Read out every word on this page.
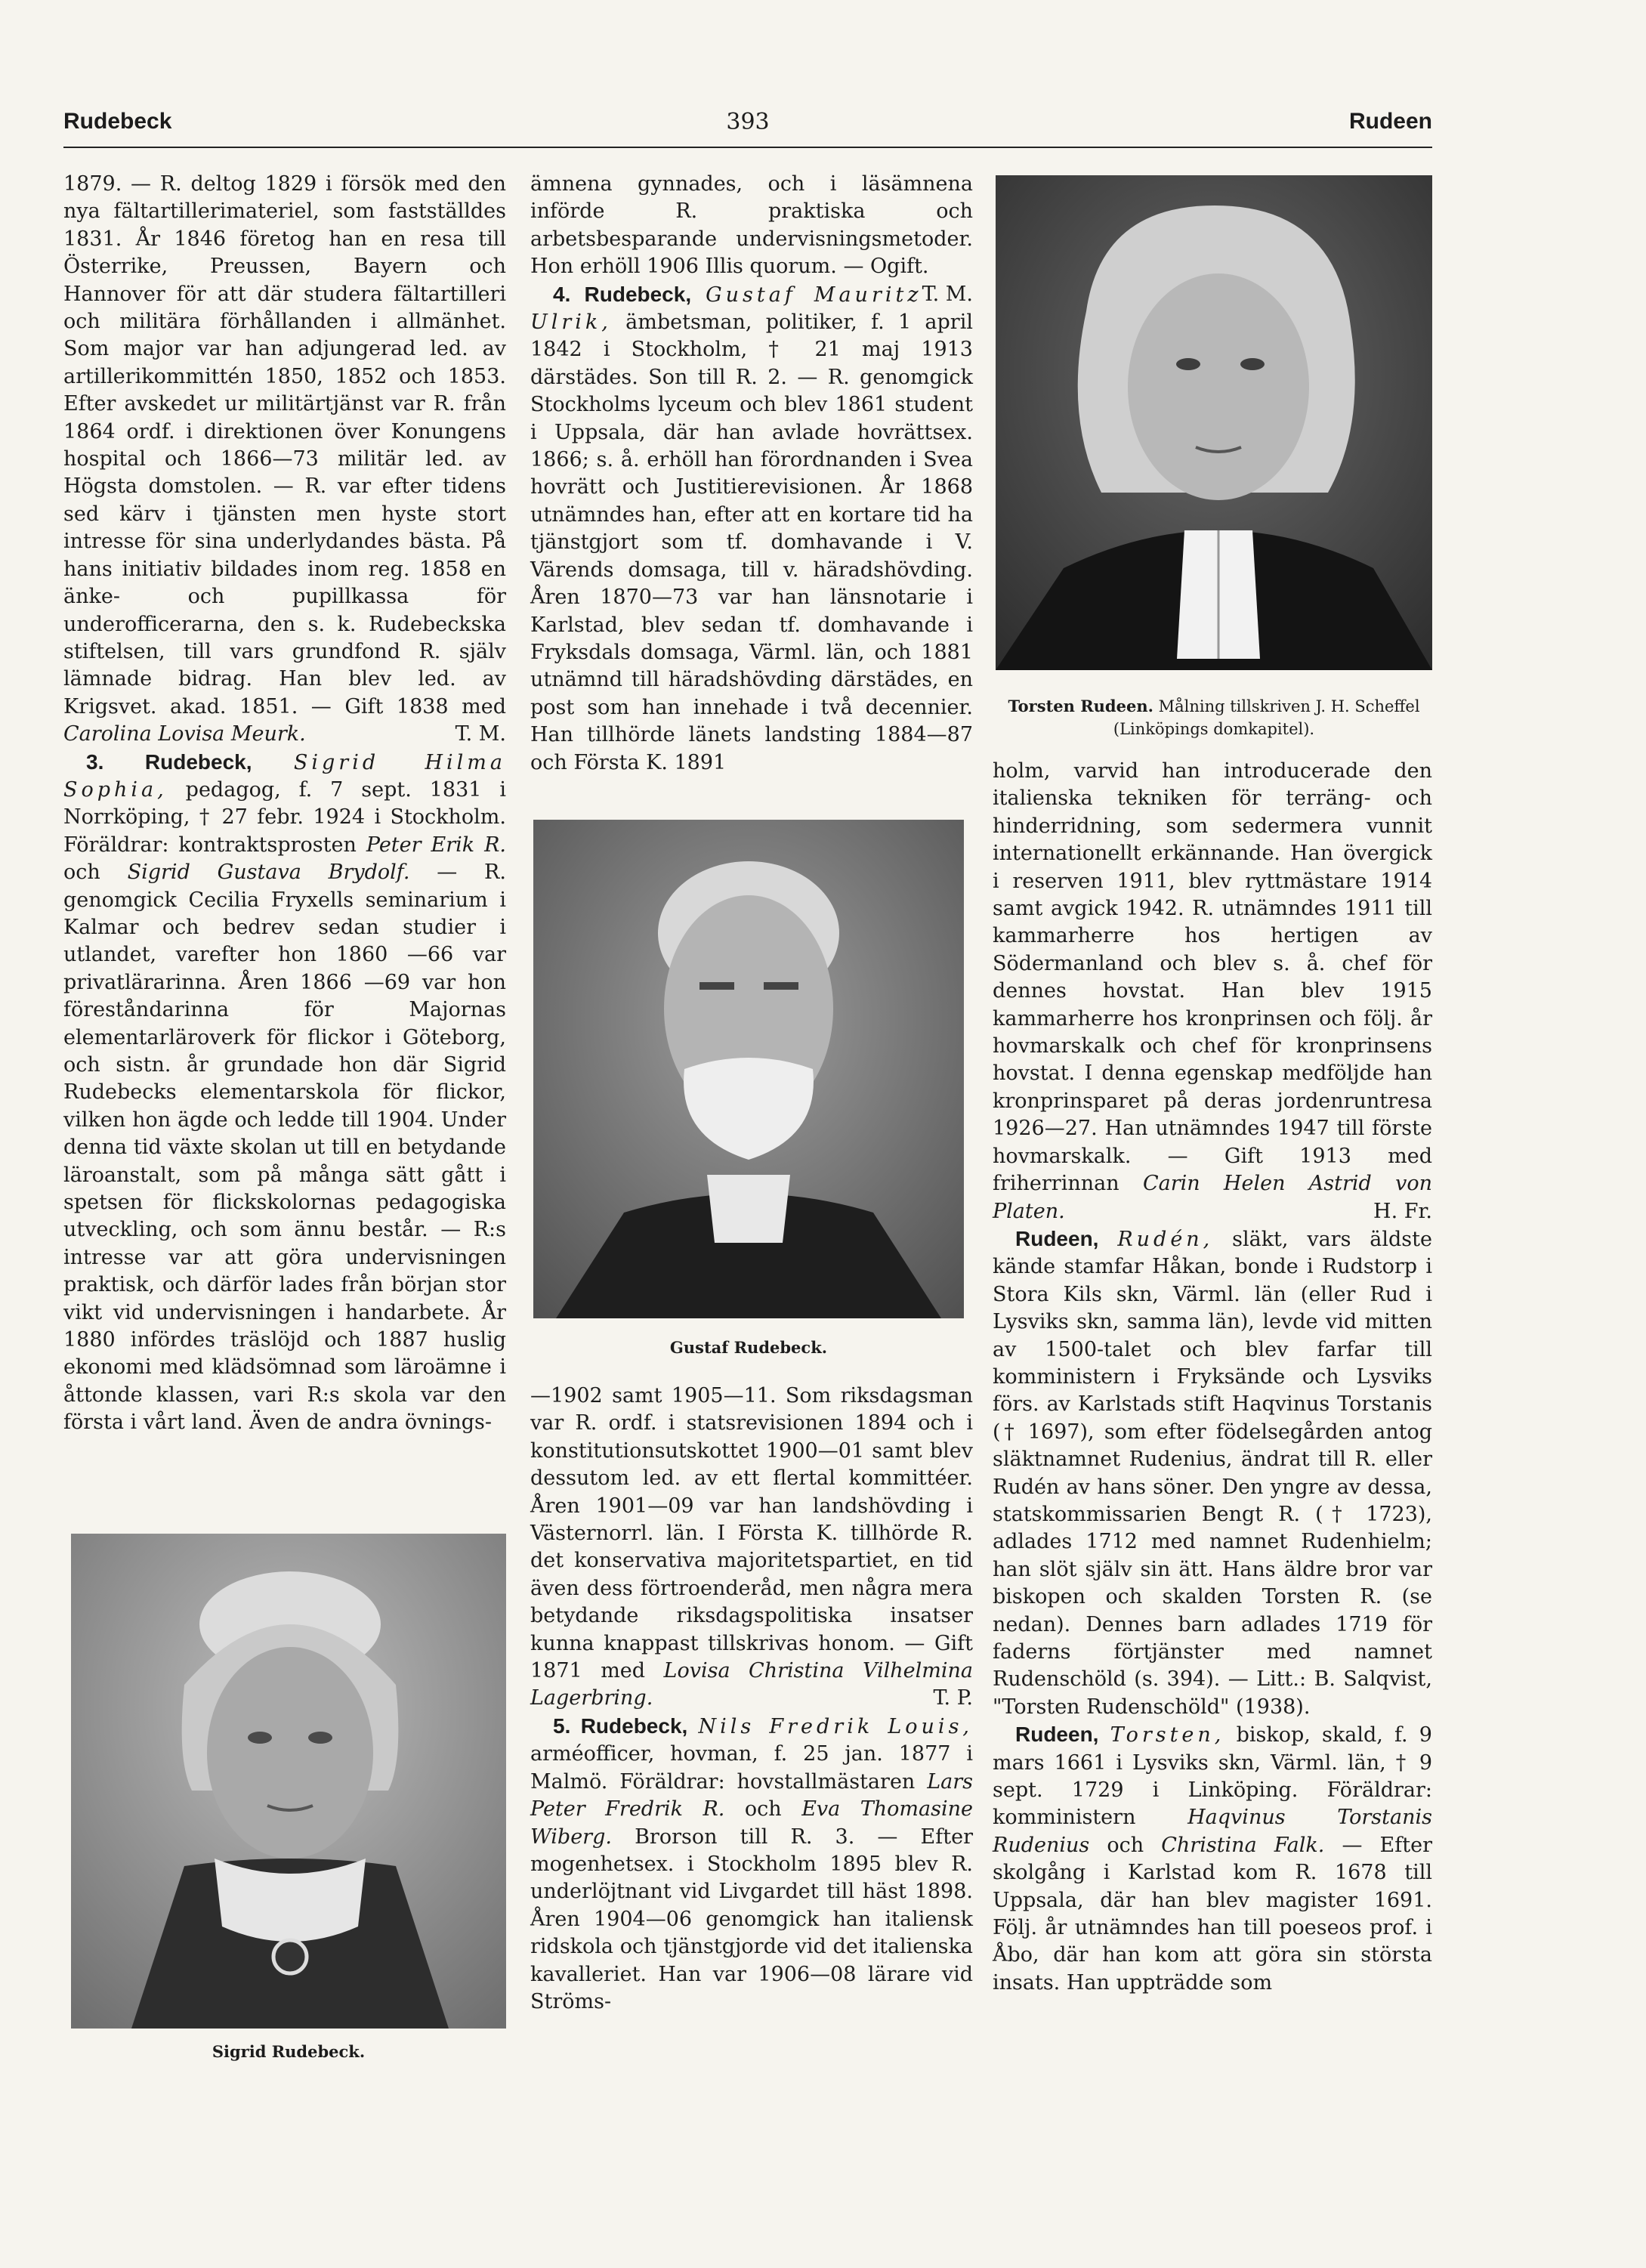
Rudebeck	393	Rudeen

1879. — R. deltog 1829 i försök med den nya fältartillerimateriel, som fastställdes 1831. År 1846 företog han en resa till Österrike, Preussen, Bayern och Hannover för att där studera fältartilleri och militära förhållanden i allmänhet. Som major var han adjungerad led. av artillerikommittén 1850, 1852 och 1853. Efter avskedet ur militärtjänst var R. från 1864 ordf. i direktionen över Konungens hospital och 1866—73 militär led. av Högsta domstolen. — R. var efter tidens sed kärv i tjänsten men hyste stort intresse för sina underlydandes bästa. På hans initiativ bildades inom reg. 1858 en änke- och pupillkassa för underofficerarna, den s. k. Rudebeckska stiftelsen, till vars grundfond R. själv lämnade bidrag. Han blev led. av Krigsvet. akad. 1851. — Gift 1838 med Carolina Lovisa Meurk.	T. M.

3. Rudebeck, Sigrid Hilma Sophia, pedagog, f. 7 sept. 1831 i Norrköping, † 27 febr. 1924 i Stockholm. Föräldrar: kontraktsprosten Peter Erik R. och Sigrid Gustava Brydolf. — R. genomgick Cecilia Fryxells seminarium i Kalmar och bedrev sedan studier i utlandet, varefter hon 1860 —66 var privatlärarinna. Åren 1866 —69 var hon föreståndarinna för Majornas elementarläroverk för flickor i Göteborg, och sistn. år grundade hon där Sigrid Rudebecks elementarskola för flickor, vilken hon ägde och ledde till 1904. Under denna tid växte skolan ut till en betydande läroanstalt, som på många sätt gått i spetsen för flickskolornas pedagogiska utveckling, och som ännu består. — R:s intresse var att göra undervisningen praktisk, och därför lades från början stor vikt vid undervisningen i handarbete. År 1880 infördes träslöjd och 1887 huslig ekonomi med klädsömnad som läroämne i åttonde klassen, vari R:s skola var den första i vårt land. Även de andra övnings-

Sigrid Rudebeck.

ämnena gynnades, och i läsämnena införde R. praktiska och arbetsbesparande undervisningsmetoder. Hon erhöll 1906 Illis quorum. — Ogift.
T. M.

4. Rudebeck, Gustaf Mauritz Ulrik, ämbetsman, politiker, f. 1 april 1842 i Stockholm, † 21 maj 1913 därstädes. Son till R. 2. — R. genomgick Stockholms lyceum och blev 1861 student i Uppsala, där han avlade hovrättsex. 1866; s. å. erhöll han förordnanden i Svea hovrätt och Justitierevisionen. År 1868 utnämndes han, efter att en kortare tid ha tjänstgjort som tf. domhavande i V. Värends domsaga, till v. häradshövding. Åren 1870—73 var han länsnotarie i Karlstad, blev sedan tf. domhavande i Fryksdals domsaga, Värml. län, och 1881 utnämnd till häradshövding därstädes, en post som han innehade i två decennier. Han tillhörde länets landsting 1884—87 och Första K. 1891

Gustaf Rudebeck.

—1902 samt 1905—11. Som riksdagsman var R. ordf. i statsrevisionen 1894 och i konstitutionsutskottet 1900—01 samt blev dessutom led. av ett flertal kommittéer. Åren 1901—09 var han landshövding i Västernorrl. län. I Första K. tillhörde R. det konservativa majoritetspartiet, en tid även dess förtroenderåd, men några mera betydande riksdagspolitiska insatser kunna knappast tillskrivas honom. — Gift 1871 med Lovisa Christina Vilhelmina Lagerbring.	T. P.

5. Rudebeck, Nils Fredrik Louis, arméofficer, hovman, f. 25 jan. 1877 i Malmö. Föräldrar: hovstallmästaren Lars Peter Fredrik R. och Eva Thomasine Wiberg. Brorson till R. 3. — Efter mogenhetsex. i Stockholm 1895 blev R. underlöjtnant vid Livgardet till häst 1898. Åren 1904—06 genomgick han italiensk ridskola och tjänstgjorde vid det italienska kavalleriet. Han var 1906—08 lärare vid Ströms-

Torsten Rudeen. Målning tillskriven J. H. Scheffel (Linköpings domkapitel).

holm, varvid han introducerade den italienska tekniken för terräng- och hinderridning, som sedermera vunnit internationellt erkännande. Han övergick i reserven 1911, blev ryttmästare 1914 samt avgick 1942. R. utnämndes 1911 till kammarherre hos hertigen av Södermanland och blev s. å. chef för dennes hovstat. Han blev 1915 kammarherre hos kronprinsen och följ. år hovmarskalk och chef för kronprinsens hovstat. I denna egenskap medföljde han kronprinsparet på deras jordenruntresa 1926—27. Han utnämndes 1947 till förste hovmarskalk. — Gift 1913 med friherrinnan Carin Helen Astrid von Platen.	H. Fr.

Rudeen, Rudén, släkt, vars äldste kände stamfar Håkan, bonde i Rudstorp i Stora Kils skn, Värml. län (eller Rud i Lysviks skn, samma län), levde vid mitten av 1500-talet och blev farfar till komministern i Fryksände och Lysviks förs. av Karlstads stift Haqvinus Torstanis († 1697), som efter födelsegården antog släktnamnet Rudenius, ändrat till R. eller Rudén av hans söner. Den yngre av dessa, statskommissarien Bengt R. († 1723), adlades 1712 med namnet Rudenhielm; han slöt själv sin ätt. Hans äldre bror var biskopen och skalden Torsten R. (se nedan). Dennes barn adlades 1719 för faderns förtjänster med namnet Rudenschöld (s. 394). — Litt.: B. Salqvist, "Torsten Rudenschöld" (1938).

Rudeen, Torsten, biskop, skald, f. 9 mars 1661 i Lysviks skn, Värml. län, † 9 sept. 1729 i Linköping. Föräldrar: komministern	Haqvinus Torstanis Rudenius och Christina Falk. — Efter skolgång i Karlstad kom R. 1678 till Uppsala, där han blev magister 1691. Följ. år utnämndes han till poeseos prof. i Åbo, där han kom att göra sin största insats. Han uppträdde som
